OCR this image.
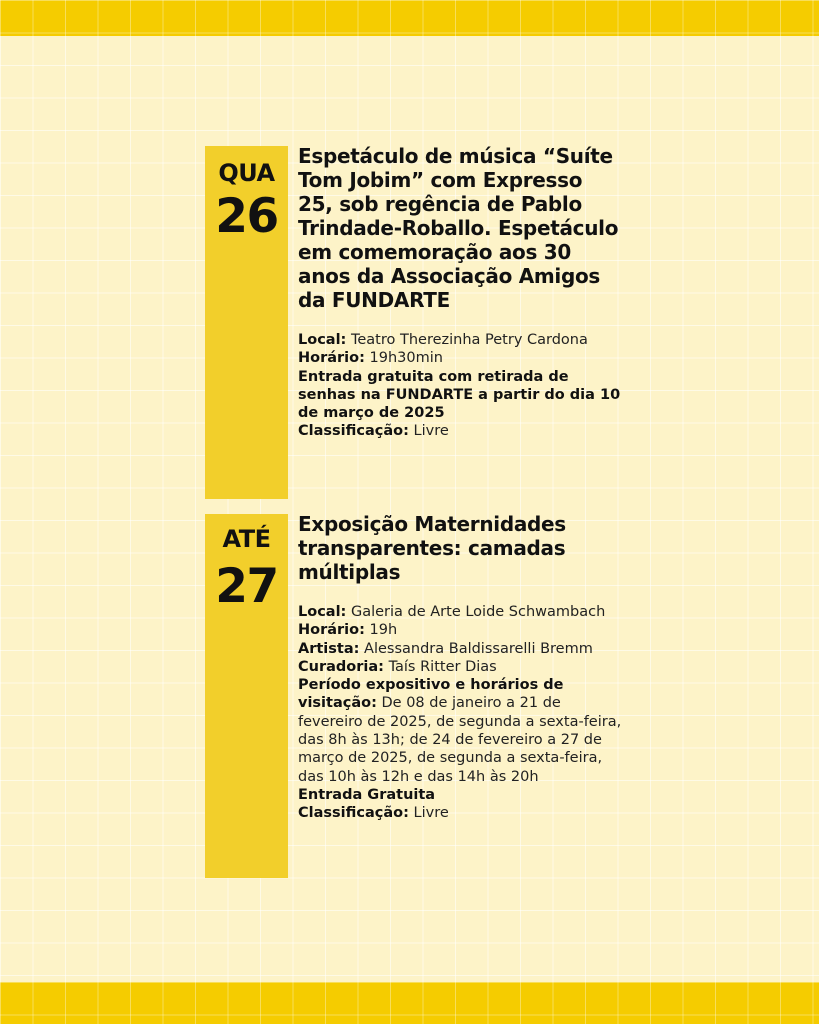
QUA
26
Espetáculo de música “Suíte Tom Jobim” com Expresso 25, sob regência de Pablo Trindade-Roballo. Espetáculo em comemoração aos 30 anos da Associação Amigos da FUNDARTE
Local: Teatro Therezinha Petry Cardona
Horário: 19h30min
Entrada gratuita com retirada de senhas na FUNDARTE a partir do dia 10 de março de 2025
Classificação: Livre
ATÉ
27
Exposição Maternidades transparentes: camadas múltiplas
Local: Galeria de Arte Loide Schwambach
Horário: 19h
Artista: Alessandra Baldissarelli Bremm
Curadoria: Taís Ritter Dias
Período expositivo e horários de visitação: De 08 de janeiro a 21 de fevereiro de 2025, de segunda a sexta-feira, das 8h às 13h; de 24 de fevereiro a 27 de março de 2025, de segunda a sexta-feira, das 10h às 12h e das 14h às 20h
Entrada Gratuita
Classificação: Livre
